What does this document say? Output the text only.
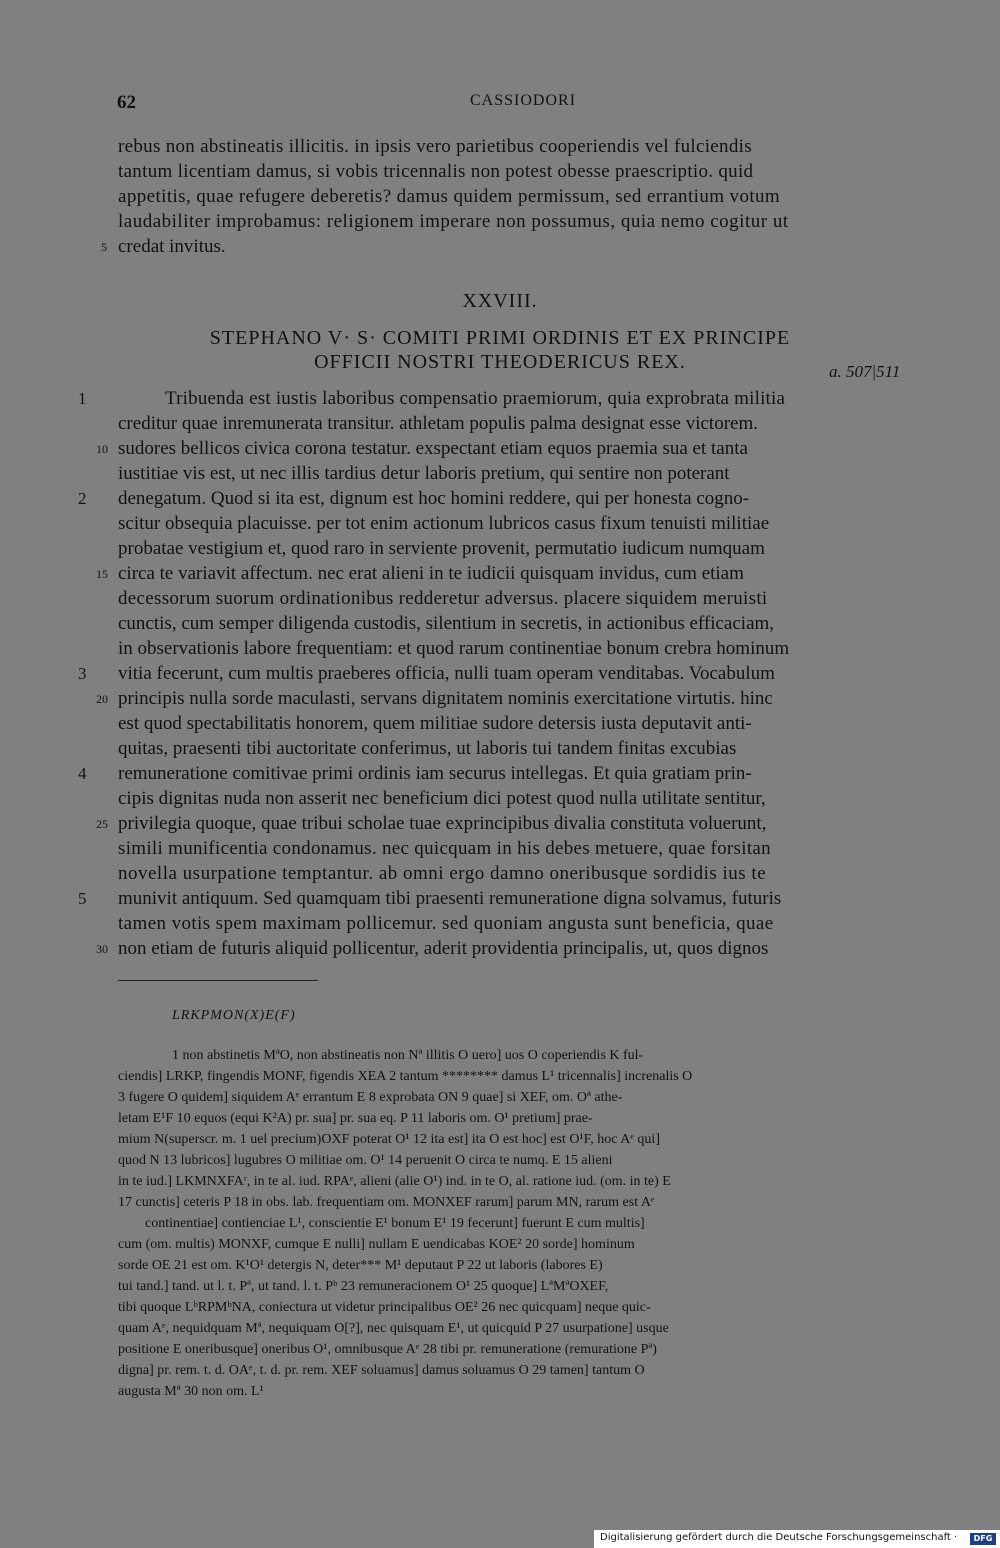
62	CASSIODORI
rebus non abstineatis illicitis. in ipsis vero parietibus cooperiendis vel fulciendis
tantum licentiam damus, si vobis tricennalis non potest obesse praescriptio. quid
appetitis, quae refugere deberetis? damus quidem permissum, sed errantium votum
laudabiliter improbamus: religionem imperare non possumus, quia nemo cogitur ut
credat invitus.
5
XXVIII.
STEPHANO V· S· COMITI PRIMI ORDINIS ET EX PRINCIPE
OFFICII NOSTRI THEODERICUS REX.	a. 507|511
Tribuenda est iustis laboribus compensatio praemiorum, quia exprobrata militia
creditur quae inremunerata transitur. athletam populis palma designat esse victorem.
sudores bellicos civica corona testatur. exspectant etiam equos praemia sua et tanta
iustitiae vis est, ut nec illis tardius detur laboris pretium, qui sentire non poterant
denegatum. Quod si ita est, dignum est hoc homini reddere, qui per honesta cogno-
scitur obsequia placuisse. per tot enim actionum lubricos casus fixum tenuisti militiae
probatae vestigium et, quod raro in serviente provenit, permutatio iudicum numquam
circa te variavit affectum. nec erat alieni in te iudicii quisquam invidus, cum etiam
decessorum suorum ordinationibus redderetur adversus. placere siquidem meruisti
cunctis, cum semper diligenda custodis, silentium in secretis, in actionibus efficaciam,
in observationis labore frequentiam: et quod rarum continentiae bonum crebra hominum
vitia fecerunt, cum multis praeberes officia, nulli tuam operam venditabas. Vocabulum
principis nulla sorde maculasti, servans dignitatem nominis exercitatione virtutis. hinc
est quod spectabilitatis honorem, quem militiae sudore detersis iusta deputavit anti-
quitas, praesenti tibi auctoritate conferimus, ut laboris tui tandem finitas excubias
remuneratione comitivae primi ordinis iam securus intellegas. Et quia gratiam prin-
cipis dignitas nuda non asserit nec beneficium dici potest quod nulla utilitate sentitur,
privilegia quoque, quae tribui scholae tuae exprincipibus divalia constituta voluerunt,
simili munificentia condonamus. nec quicquam in his debes metuere, quae forsitan
novella usurpatione temptantur. ab omni ergo damno oneribusque sordidis ius te
munivit antiquum. Sed quamquam tibi praesenti remuneratione digna solvamus, futuris
tamen votis spem maximam pollicemur. sed quoniam angusta sunt beneficia, quae
non etiam de futuris aliquid pollicentur, aderit providentia principalis, ut, quos dignos
10
15
20
25
30
1
2
3
4
5
LRKPMON(X)E(F)
1 non abstinetis MªO, non abstineatis non Nª illitis O uero] uos O coperiendis K ful-
ciendis] LRKP, fingendis MONF, figendis XEA 2 tantum ******** damus L¹ tricennalis] increnalis O
3 fugere O quidem] siquidem Aᵉ errantum E 8 exprobata ON 9 quae] si XEF, om. Oª athe-
letam E¹F 10 equos (equi K²A) pr. sua] pr. sua eq. P 11 laboris om. O¹ pretium] prae-
mium N(superscr. m. 1 uel precium)OXF poterat O¹ 12 ita est] ita O est hoc] est O¹F, hoc Aᵉ qui]
quod N 13 lubricos] lugubres O militiae om. O¹ 14 peruenit O circa te numq. E 15 alieni
in te iud.] LKMNXFAʳ, in te al. iud. RPAᵉ, alieni (alie O¹) ind. in te O, al. ratione iud. (om. in te) E
17 cunctis] ceteris P 18 in obs. lab. frequentiam om. MONXEF rarum] parum MN, rarum est Aᵉ
continentiae] contienciae L¹, conscientie E¹ bonum E¹ 19 fecerunt] fuerunt E cum multis]
cum (om. multis) MONXF, cumque E nulli] nullam E uendicabas KOE² 20 sorde] hominum
sorde OE 21 est om. K¹O¹ detergis N, deter*** M¹ deputaut P 22 ut laboris (labores E)
tui tand.] tand. ut l. t. Pª, ut tand. l. t. Pᵇ 23 remuneracionem O¹ 25 quoque] LªMªOXEF,
tibi quoque LᵇRPMᵇNA, coniectura ut videtur principalibus OE² 26 nec quicquam] neque quic-
quam Aᵉ, nequidquam Mª, nequiquam O[?], nec quisquam E¹, ut quicquid P 27 usurpatione] usque
positione E oneribusque] oneribus O¹, omnibusque Aᵉ 28 tibi pr. remuneratione (remuratione Pª)
digna] pr. rem. t. d. OAᵉ, t. d. pr. rem. XEF soluamus] damus soluamus O 29 tamen] tantum O
augusta Mª 30 non om. L¹
Digitalisierung gefördert durch die Deutsche Forschungsgemeinschaft ·	DFG
